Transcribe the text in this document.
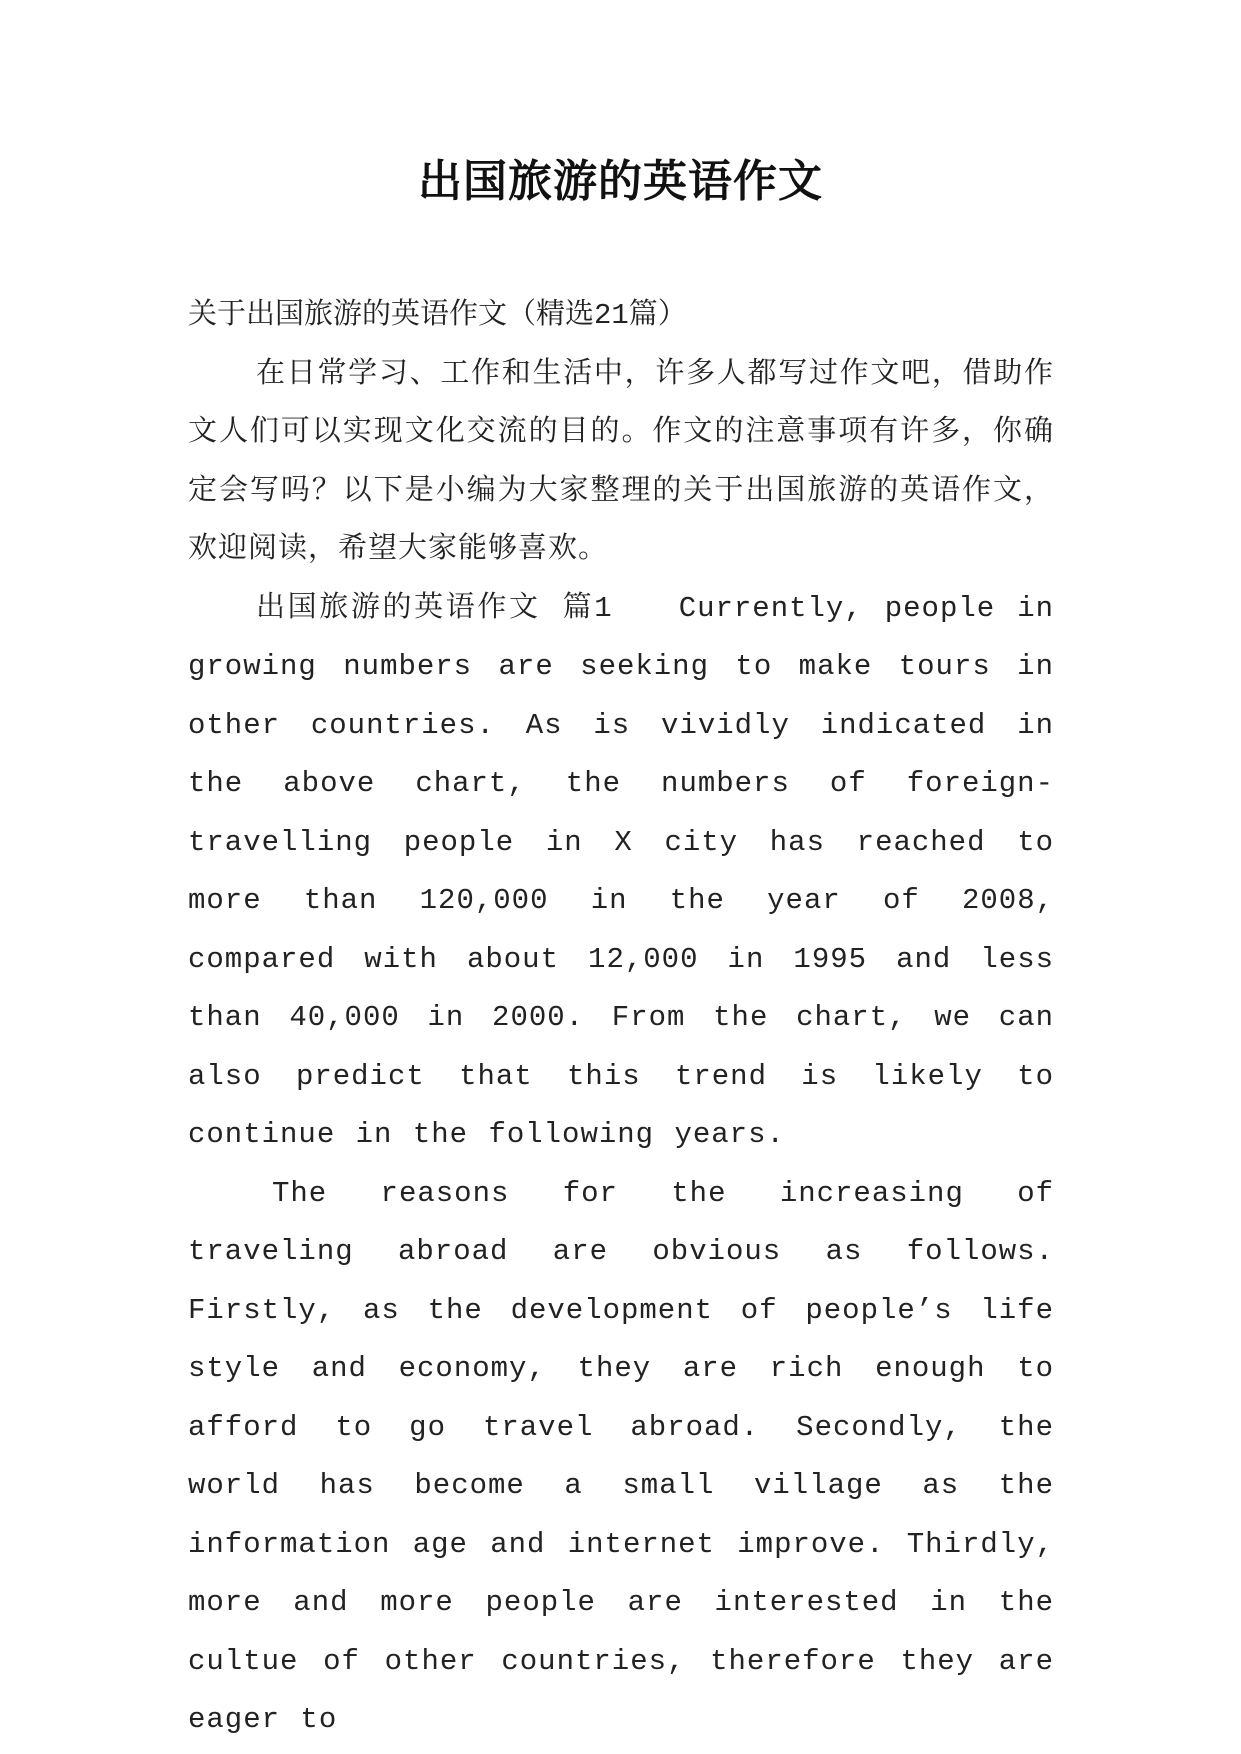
出国旅游的英语作文

关于出国旅游的英语作文（精选21篇）

在日常学习、工作和生活中，许多人都写过作文吧，借助作文人们可以实现文化交流的目的。作文的注意事项有许多，你确定会写吗？以下是小编为大家整理的关于出国旅游的英语作文，欢迎阅读，希望大家能够喜欢。

出国旅游的英语作文 篇1 Currently, people in growing numbers are seeking to make tours in other countries. As is vividly indicated in the above chart, the numbers of foreign-travelling people in X city has reached to more than 120,000 in the year of 2008, compared with about 12,000 in 1995 and less than 40,000 in 2000. From the chart, we can also predict that this trend is likely to continue in the following years.

The reasons for the increasing of traveling abroad are obvious as follows. Firstly, as the development of people’s life style and economy, they are rich enough to afford to go travel abroad. Secondly, the world has become a small village as the information age and internet improve. Thirdly, more and more people are interested in the cultue of other countries, therefore they are eager to
